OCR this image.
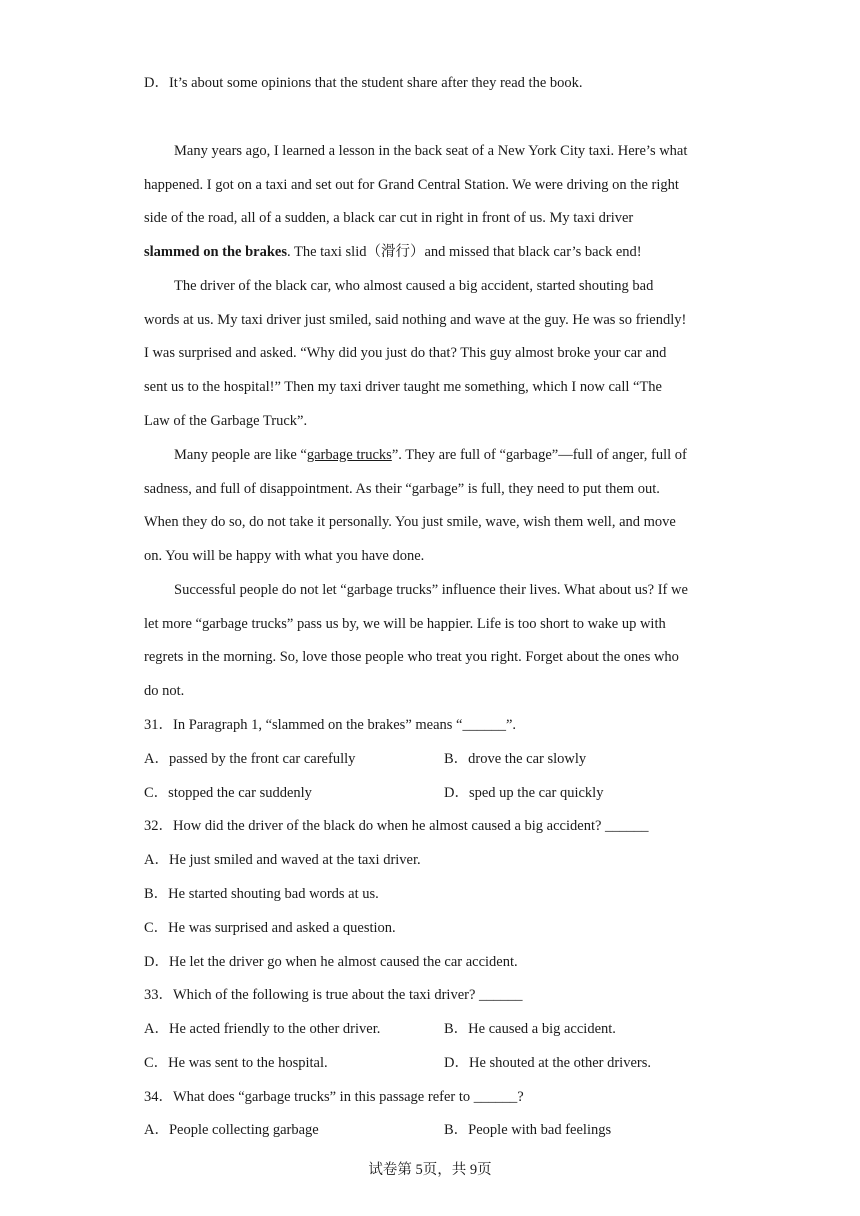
D．It’s about some opinions that the student share after they read the book.
Many years ago, I learned a lesson in the back seat of a New York City taxi. Here’s what
happened. I got on a taxi and set out for Grand Central Station. We were driving on the right
side of the road, all of a sudden, a black car cut in right in front of us. My taxi driver
slammed on the brakes. The taxi slid（滑行）and missed that black car’s back end!
The driver of the black car, who almost caused a big accident, started shouting bad
words at us. My taxi driver just smiled, said nothing and wave at the guy. He was so friendly!
I was surprised and asked. “Why did you just do that? This guy almost broke your car and
sent us to the hospital!” Then my taxi driver taught me something, which I now call “The
Law of the Garbage Truck”.
Many people are like “garbage trucks”. They are full of “garbage”—full of anger, full of
sadness, and full of disappointment. As their “garbage” is full, they need to put them out.
When they do so, do not take it personally. You just smile, wave, wish them well, and move
on. You will be happy with what you have done.
Successful people do not let “garbage trucks” influence their lives. What about us? If we
let more “garbage trucks” pass us by, we will be happier. Life is too short to wake up with
regrets in the morning. So, love those people who treat you right. Forget about the ones who
do not.
31．In Paragraph 1, “slammed on the brakes” means “______”.
A．passed by the front car carefully	B．drove the car slowly
C．stopped the car suddenly	D．sped up the car quickly
32．How did the driver of the black do when he almost caused a big accident? ______
A．He just smiled and waved at the taxi driver.
B．He started shouting bad words at us.
C．He was surprised and asked a question.
D．He let the driver go when he almost caused the car accident.
33．Which of the following is true about the taxi driver? ______
A．He acted friendly to the other driver.	B．He caused a big accident.
C．He was sent to the hospital.	D．He shouted at the other drivers.
34．What does “garbage trucks” in this passage refer to ______?
A．People collecting garbage	B．People with bad feelings
试卷第 5页，共 9页
